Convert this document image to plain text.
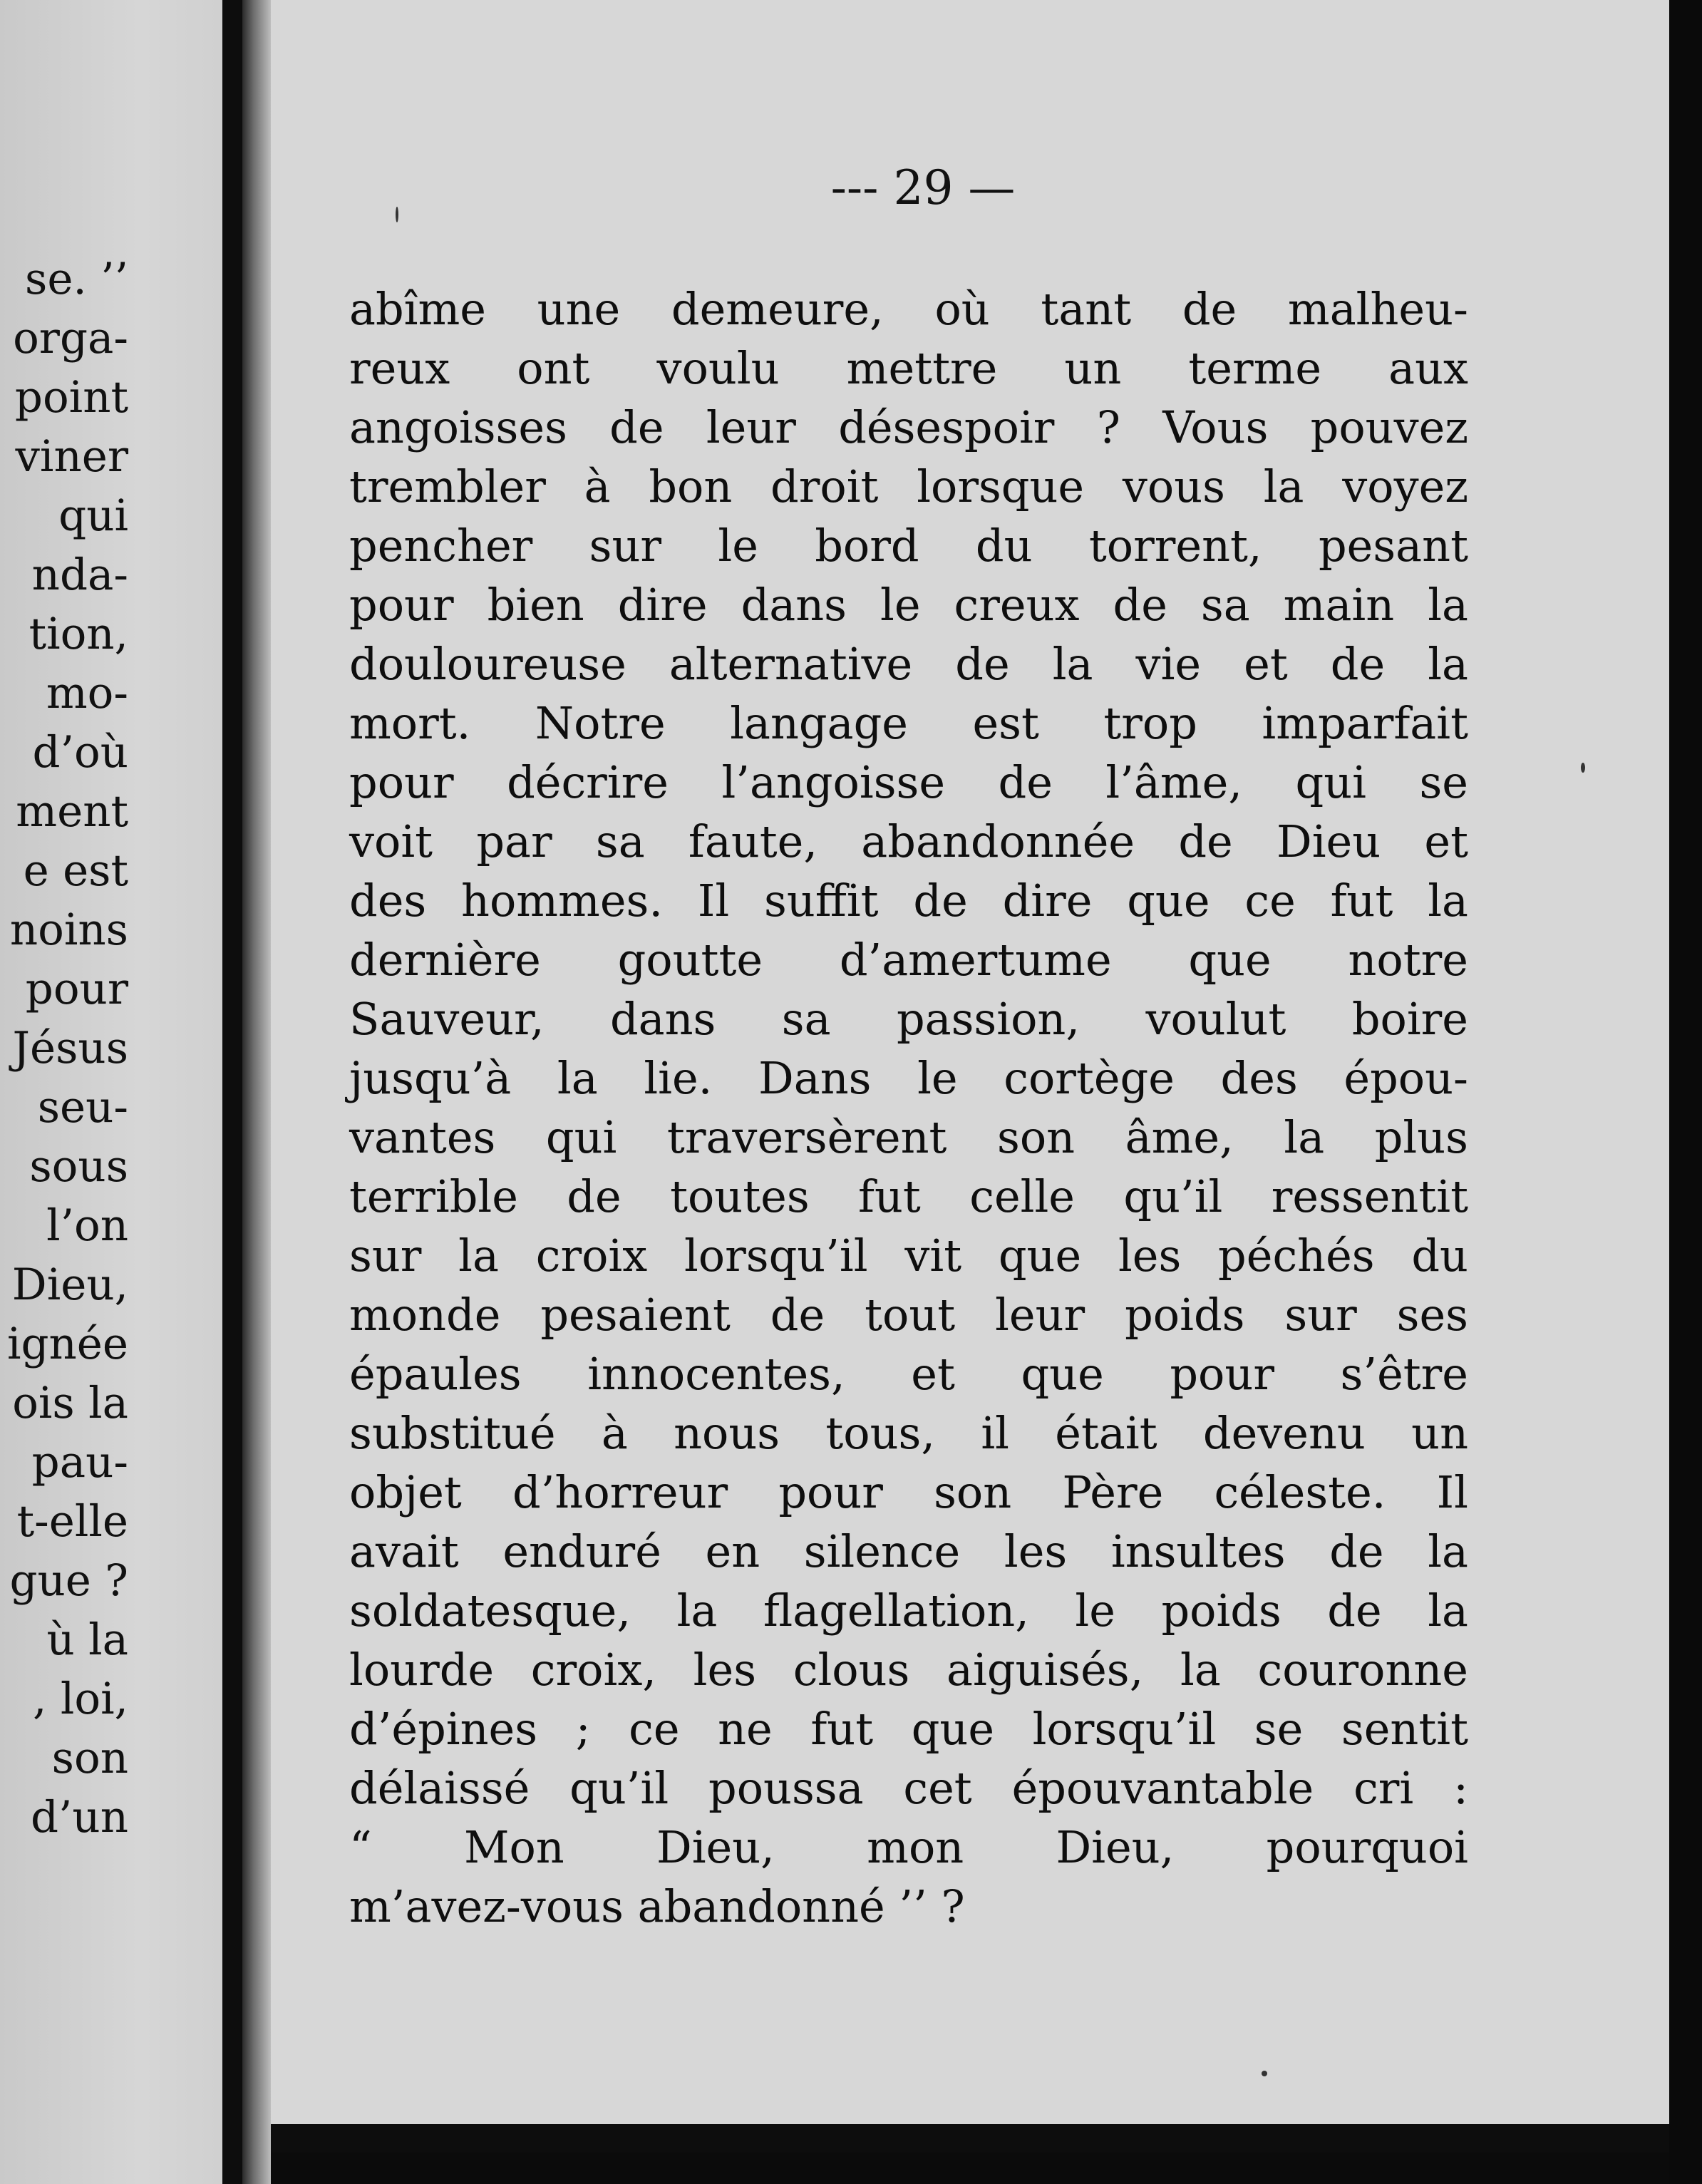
se. ’’
orga-
point
viner
qui
nda-
tion,
mo-
d’où
ment
e est
noins
pour
Jésus
seu-
sous
l’on
Dieu,
ignée
ois la
pau-
t-elle
gue ?
ù la
, loi,
son
d’un
--- 29 —
abîme une demeure, où tant de malheu-
reux ont voulu mettre un terme aux
angoisses de leur désespoir ? Vous pouvez
trembler à bon droit lorsque vous la voyez
pencher sur le bord du torrent, pesant
pour bien dire dans le creux de sa main la
douloureuse alternative de la vie et de la
mort. Notre langage est trop imparfait
pour décrire l’angoisse de l’âme, qui se
voit par sa faute, abandonnée de Dieu et
des hommes. Il suffit de dire que ce fut la
dernière goutte d’amertume que notre
Sauveur, dans sa passion, voulut boire
jusqu’à la lie. Dans le cortège des épou-
vantes qui traversèrent son âme, la plus
terrible de toutes fut celle qu’il ressentit
sur la croix lorsqu’il vit que les péchés du
monde pesaient de tout leur poids sur ses
épaules innocentes, et que pour s’être
substitué à nous tous, il était devenu un
objet d’horreur pour son Père céleste. Il
avait enduré en silence les insultes de la
soldatesque, la flagellation, le poids de la
lourde croix, les clous aiguisés, la couronne
d’épines ; ce ne fut que lorsqu’il se sentit
délaissé qu’il poussa cet épouvantable cri :
“ Mon Dieu, mon Dieu, pourquoi
m’avez-vous abandonné ’’ ?
